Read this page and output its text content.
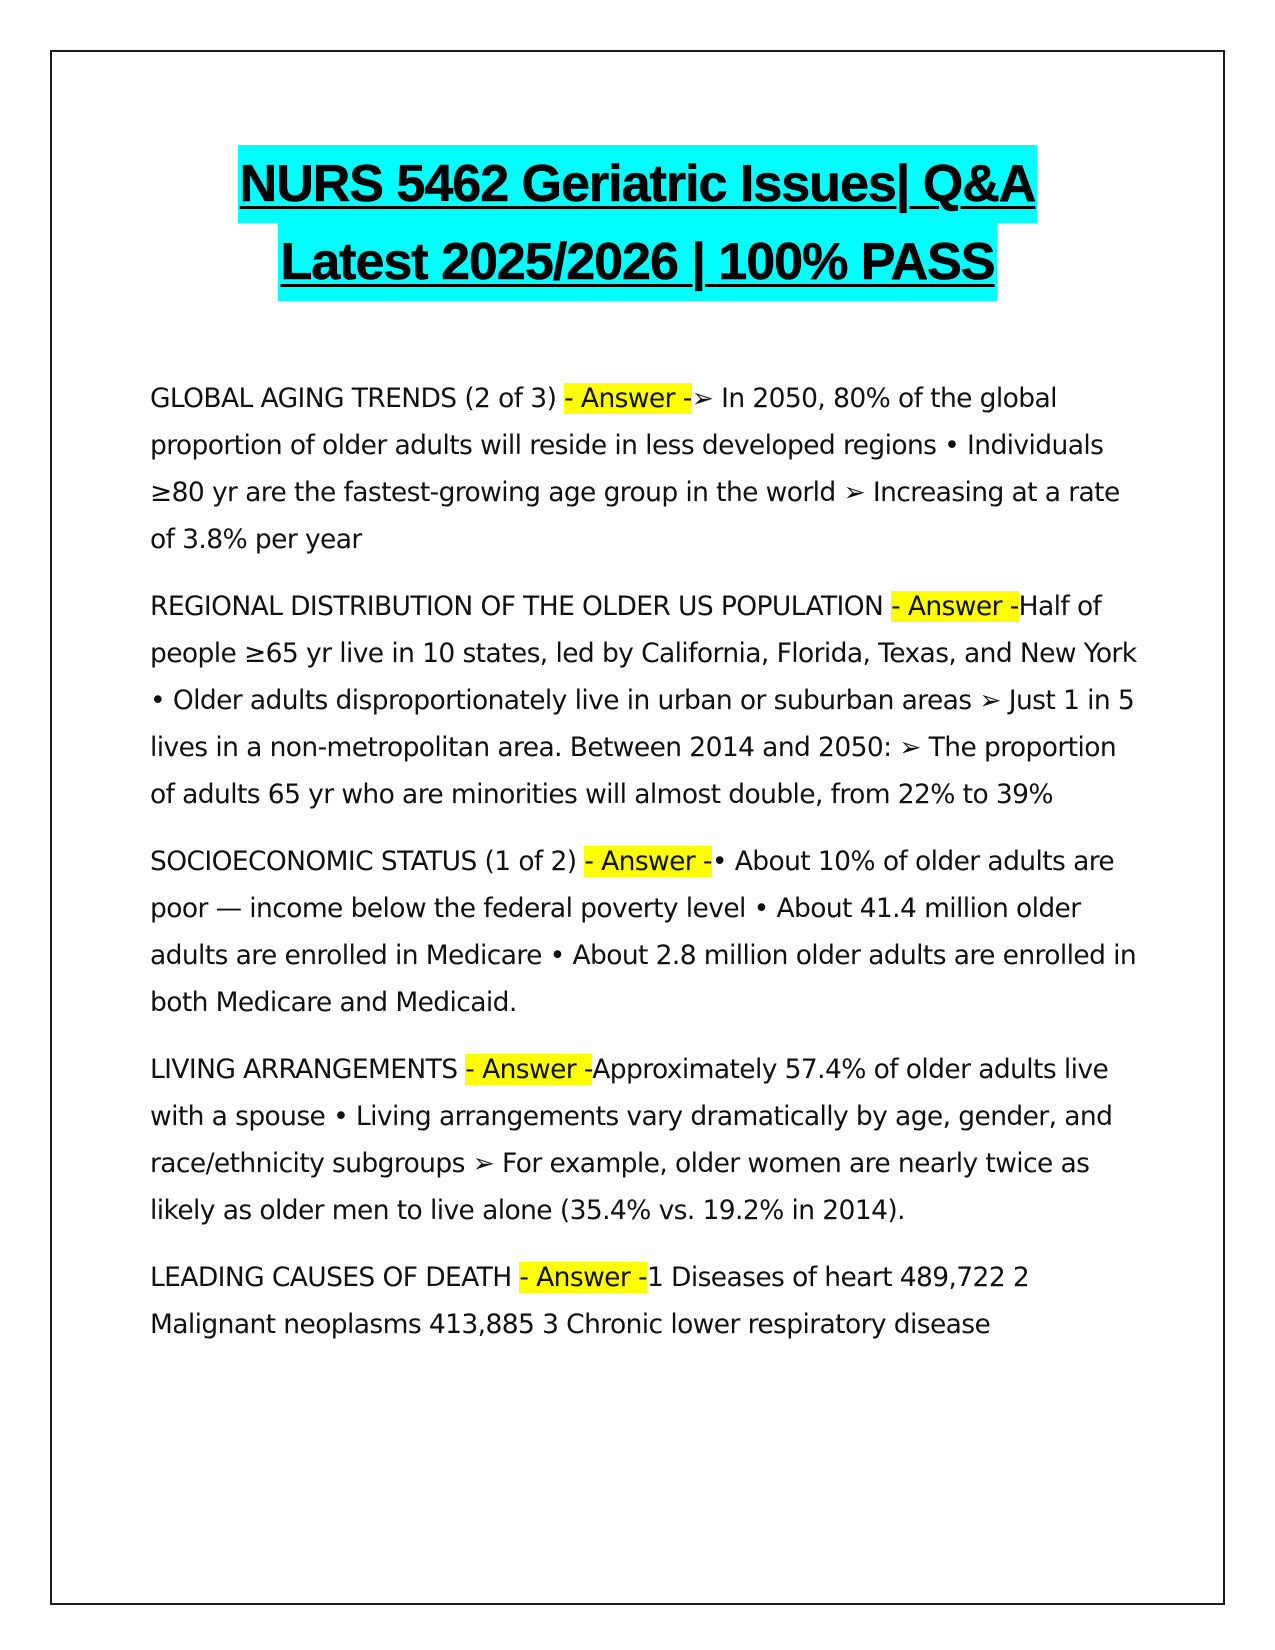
NURS 5462 Geriatric Issues| Q&A
Latest 2025/2026 | 100% PASS

GLOBAL AGING TRENDS (2 of 3) - Answer -➢ In 2050, 80% of the global proportion of older adults will reside in less developed regions • Individuals ≥80 yr are the fastest-growing age group in the world ➢ Increasing at a rate of 3.8% per year

REGIONAL DISTRIBUTION OF THE OLDER US POPULATION - Answer -Half of people ≥65 yr live in 10 states, led by California, Florida, Texas, and New York • Older adults disproportionately live in urban or suburban areas ➢ Just 1 in 5 lives in a non-metropolitan area. Between 2014 and 2050: ➢ The proportion of adults 65 yr who are minorities will almost double, from 22% to 39%

SOCIOECONOMIC STATUS (1 of 2) - Answer -• About 10% of older adults are poor — income below the federal poverty level • About 41.4 million older adults are enrolled in Medicare • About 2.8 million older adults are enrolled in both Medicare and Medicaid.

LIVING ARRANGEMENTS - Answer -Approximately 57.4% of older adults live with a spouse • Living arrangements vary dramatically by age, gender, and race/ethnicity subgroups ➢ For example, older women are nearly twice as likely as older men to live alone (35.4% vs. 19.2% in 2014).

LEADING CAUSES OF DEATH - Answer -1 Diseases of heart 489,722 2 Malignant neoplasms 413,885 3 Chronic lower respiratory disease
